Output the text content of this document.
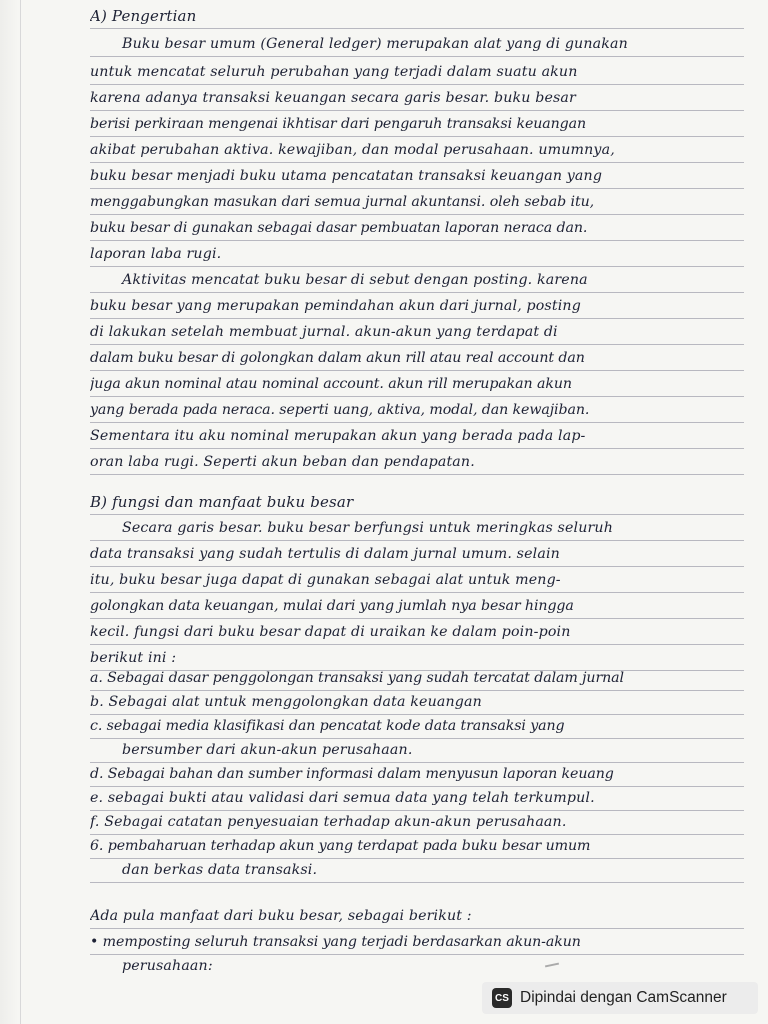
A) Pengertian
Buku besar umum (General ledger) merupakan alat yang di gunakan
untuk mencatat seluruh perubahan yang terjadi dalam suatu akun
karena adanya transaksi keuangan secara garis besar. buku besar
berisi perkiraan mengenai ikhtisar dari pengaruh transaksi keuangan
akibat perubahan aktiva. kewajiban, dan modal perusahaan. umumnya,
buku besar menjadi buku utama pencatatan transaksi keuangan yang
menggabungkan masukan dari semua jurnal akuntansi. oleh sebab itu,
buku besar di gunakan sebagai dasar pembuatan laporan neraca dan.
laporan laba rugi.
Aktivitas mencatat buku besar di sebut dengan posting. karena
buku besar yang merupakan pemindahan akun dari jurnal, posting
di lakukan setelah membuat jurnal. akun-akun yang terdapat di
dalam buku besar di golongkan dalam akun rill atau real account dan
juga akun nominal atau nominal account. akun rill merupakan akun
yang berada pada neraca. seperti uang, aktiva, modal, dan kewajiban.
Sementara itu aku nominal merupakan akun yang berada pada lap-
oran laba rugi. Seperti akun beban dan pendapatan.
B) fungsi dan manfaat buku besar
Secara garis besar. buku besar berfungsi untuk meringkas seluruh
data transaksi yang sudah tertulis di dalam jurnal umum. selain
itu, buku besar juga dapat di gunakan sebagai alat untuk meng-
golongkan data keuangan, mulai dari yang jumlah nya besar hingga
kecil. fungsi dari buku besar dapat di uraikan ke dalam poin-poin
berikut ini :
a. Sebagai dasar penggolongan transaksi yang sudah tercatat dalam jurnal
b. Sebagai alat untuk menggolongkan data keuangan
c. sebagai media klasifikasi dan pencatat kode data transaksi yang
bersumber dari akun-akun perusahaan.
d. Sebagai bahan dan sumber informasi dalam menyusun laporan keuang
e. sebagai bukti atau validasi dari semua data yang telah terkumpul.
f. Sebagai catatan penyesuaian terhadap akun-akun perusahaan.
6. pembaharuan terhadap akun yang terdapat pada buku besar umum
dan berkas data transaksi.
Ada pula manfaat dari buku besar, sebagai berikut :
• memposting seluruh transaksi yang terjadi berdasarkan akun-akun
perusahaan:
CS Dipindai dengan CamScanner
